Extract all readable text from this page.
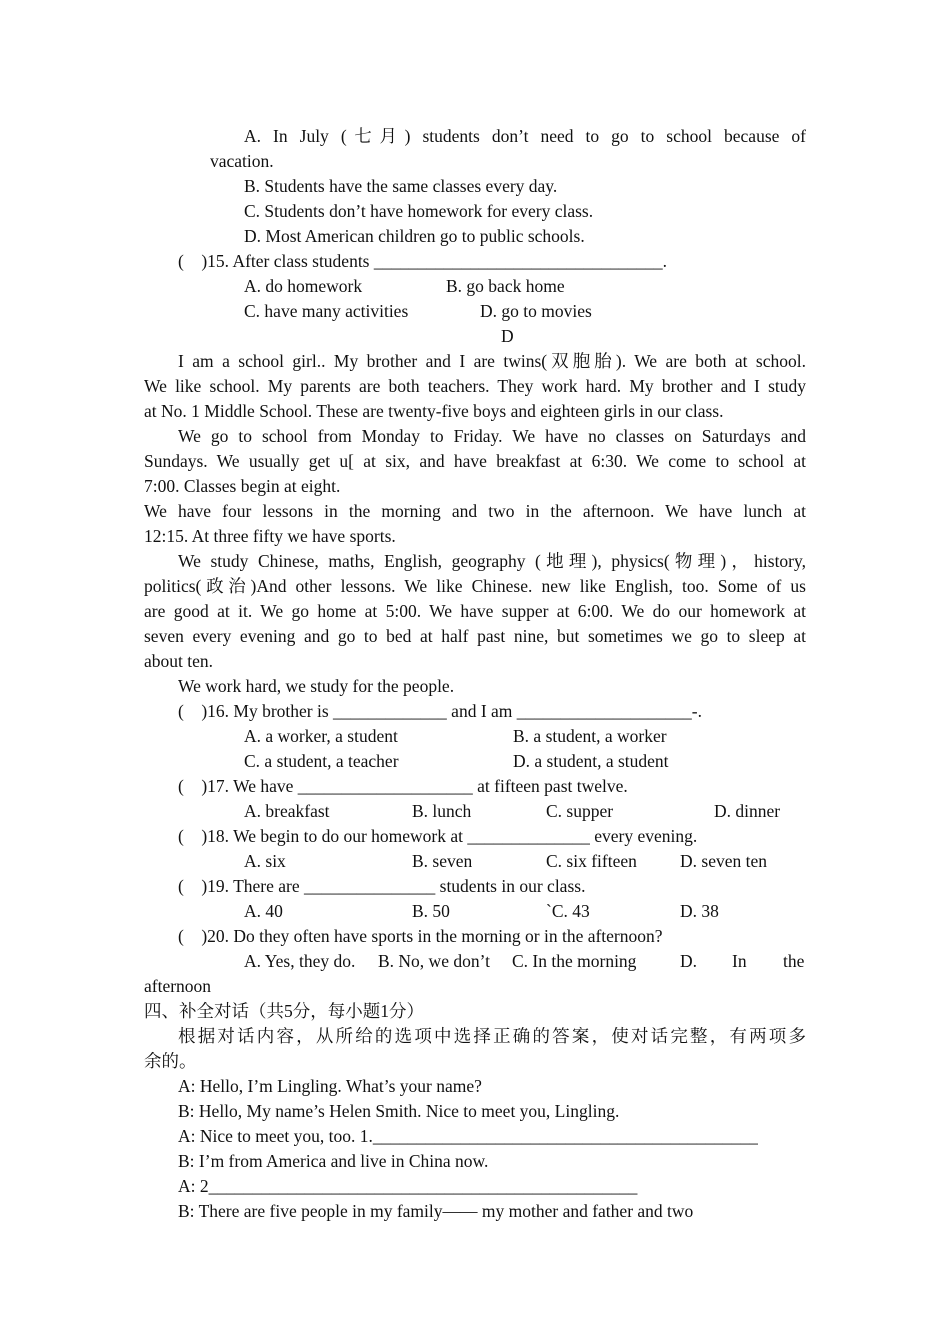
A. In July (七月) students don’t need to go to school because of
vacation.
B. Students have the same classes every day.
C. Students don’t have homework for every class.
D. Most American children go to public schools.
(    )15. After class students _________________________________.
A. do homework	B. go back home
C. have many activities	D. go to movies
D
I am a school girl.. My brother and I are twins(双胞胎). We are both at school.
We like school. My parents are both teachers. They work hard. My brother and I study
at No. 1 Middle School. These are twenty-five boys and eighteen girls in our class.
We go to school from Monday to Friday. We have no classes on Saturdays and
Sundays. We usually get u[ at six, and have breakfast at 6:30. We come to school at
7:00. Classes begin at eight.
We have four lessons in the morning and two in the afternoon. We have lunch at
12:15. At three fifty we have sports.
We study Chinese, maths, English, geography (地理), physics(物理)，history,
politics(政治)And other lessons. We like Chinese. new like English, too. Some of us
are good at it. We go home at 5:00. We have supper at 6:00. We do our homework at
seven every evening and go to bed at half past nine, but sometimes we go to sleep at
about ten.
We work hard, we study for the people.
(    )16. My brother is _____________ and I am ____________________-.
A. a worker, a student	B. a student, a worker
C. a student, a teacher	D. a student, a student
(    )17. We have ____________________ at fifteen past twelve.
A. breakfast	B. lunch	C. supper	D. dinner
(    )18. We begin to do our homework at ______________ every evening.
A. six	B. seven	C. six fifteen D. seven ten
(    )19. There are _______________ students in our class.
A. 40	B. 50	`C. 43	D. 38
(    )20. Do they often have sports in the morning or in the afternoon?
A. Yes, they do. B. No, we don’t C. In the morning D. In the
afternoon
四、补全对话（共5分，每小题1分）
根据对话内容，从所给的选项中选择正确的答案，使对话完整，有两项多
余的。
A: Hello, I’m Lingling. What’s your name?
B: Hello, My name’s Helen Smith. Nice to meet you, Lingling.
A: Nice to meet you, too. 1.____________________________________________
B: I’m from America and live in China now.
A: 2_________________________________________________
B: There are five people in my family—— my mother and father and two
